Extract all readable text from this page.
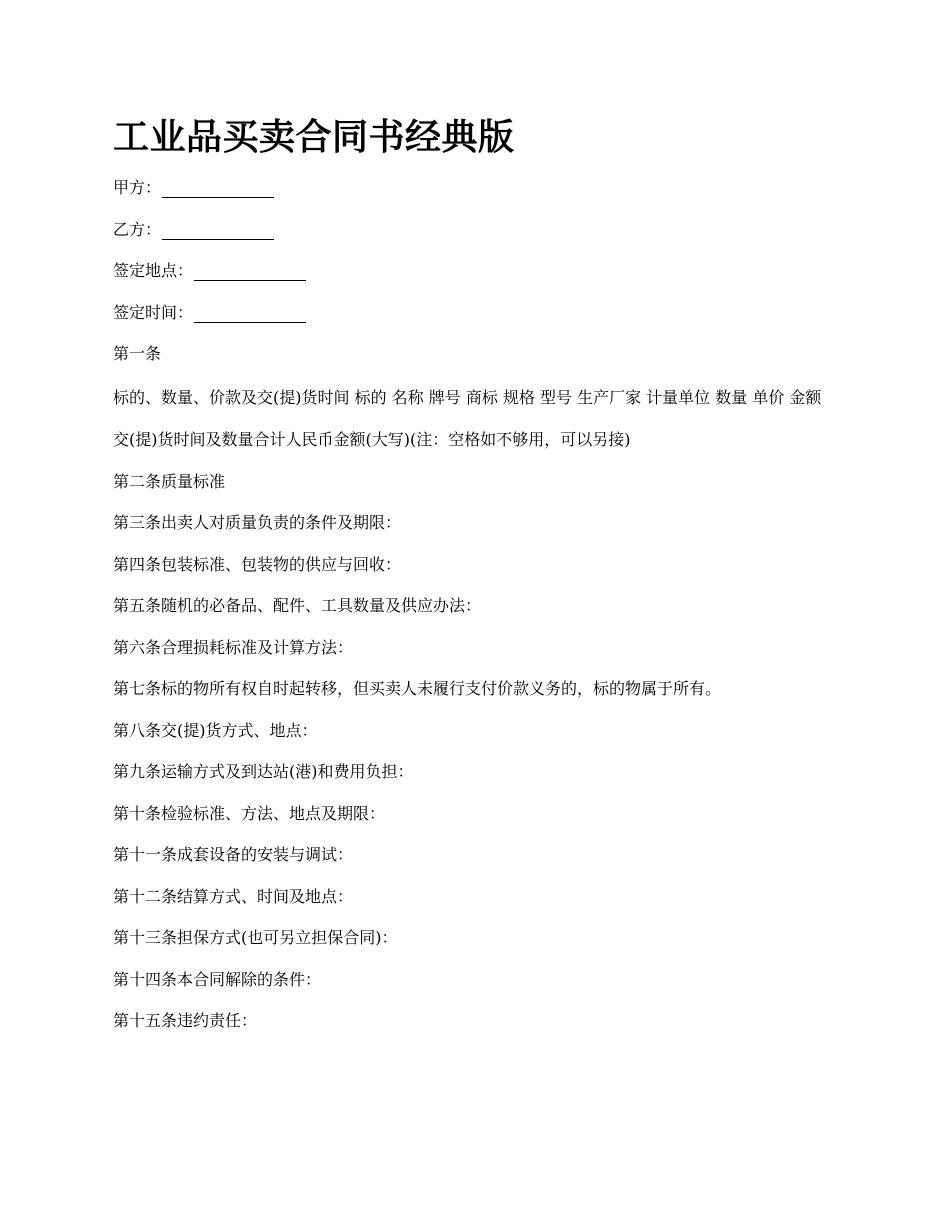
工业品买卖合同书经典版
甲方：
乙方：
签定地点：
签定时间：

第一条

标的、数量、价款及交(提)货时间 标的 名称 牌号 商标 规格 型号 生产厂家 计量单位 数量 单价 金额

交(提)货时间及数量合计人民币金额(大写)(注：空格如不够用，可以另接)

第二条质量标准

第三条出卖人对质量负责的条件及期限：

第四条包装标准、包装物的供应与回收：

第五条随机的必备品、配件、工具数量及供应办法：

第六条合理损耗标准及计算方法：

第七条标的物所有权自时起转移，但买卖人未履行支付价款义务的，标的物属于所有。

第八条交(提)货方式、地点：

第九条运输方式及到达站(港)和费用负担：

第十条检验标准、方法、地点及期限：

第十一条成套设备的安装与调试：

第十二条结算方式、时间及地点：

第十三条担保方式(也可另立担保合同)：

第十四条本合同解除的条件：

第十五条违约责任：
